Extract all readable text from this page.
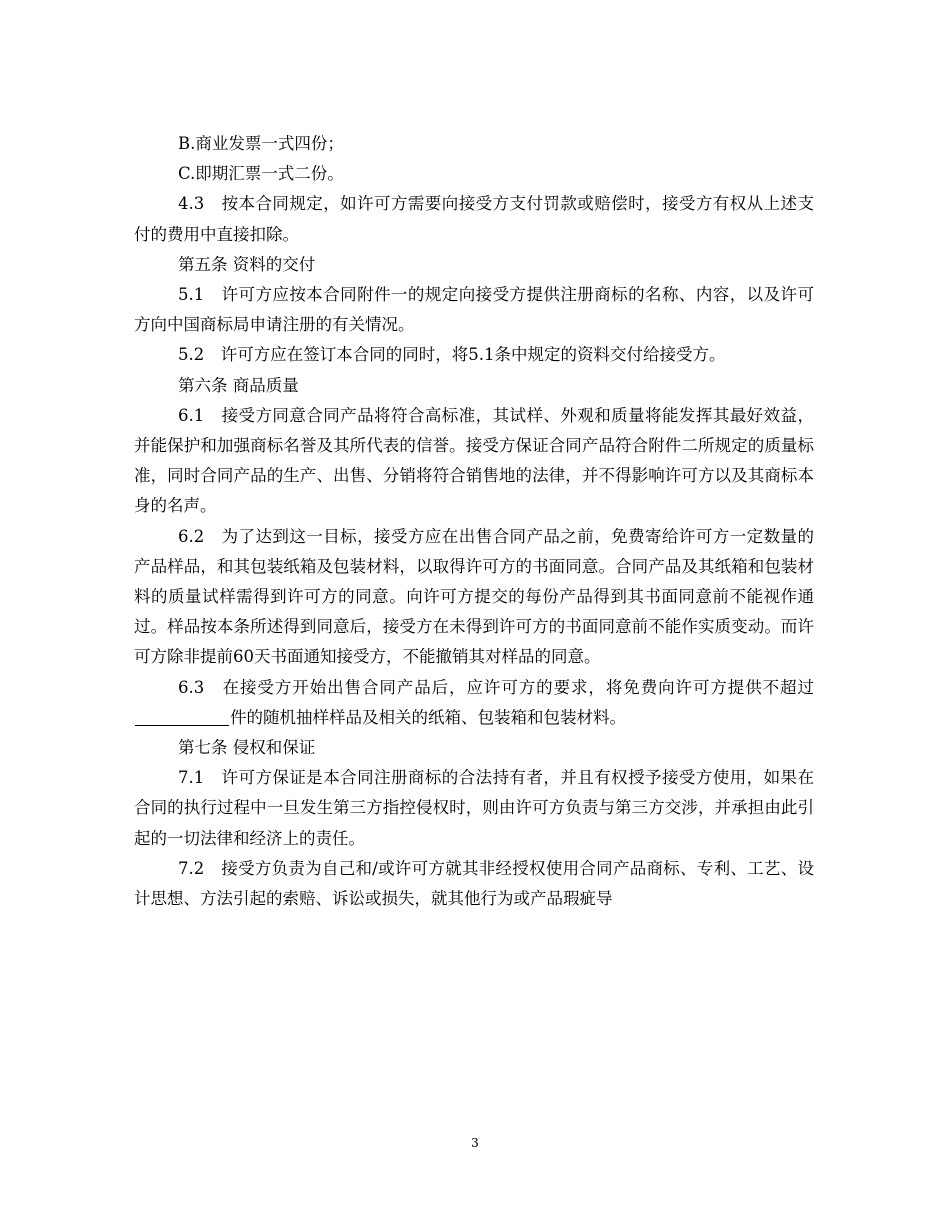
B.商业发票一式四份；

C.即期汇票一式二份。

4.3　按本合同规定，如许可方需要向接受方支付罚款或赔偿时，接受方有权从上述支付的费用中直接扣除。

第五条 资料的交付

5.1　许可方应按本合同附件一的规定向接受方提供注册商标的名称、内容，以及许可方向中国商标局申请注册的有关情况。

5.2　许可方应在签订本合同的同时，将5.1条中规定的资料交付给接受方。

第六条 商品质量

6.1　接受方同意合同产品将符合高标准，其试样、外观和质量将能发挥其最好效益，并能保护和加强商标名誉及其所代表的信誉。接受方保证合同产品符合附件二所规定的质量标准，同时合同产品的生产、出售、分销将符合销售地的法律，并不得影响许可方以及其商标本身的名声。

6.2　为了达到这一目标，接受方应在出售合同产品之前，免费寄给许可方一定数量的产品样品，和其包装纸箱及包装材料，以取得许可方的书面同意。合同产品及其纸箱和包装材料的质量试样需得到许可方的同意。向许可方提交的每份产品得到其书面同意前不能视作通过。样品按本条所述得到同意后，接受方在未得到许可方的书面同意前不能作实质变动。而许可方除非提前60天书面通知接受方，不能撤销其对样品的同意。

6.3　在接受方开始出售合同产品后，应许可方的要求，将免费向许可方提供不超过件的随机抽样样品及相关的纸箱、包装箱和包装材料。

第七条 侵权和保证

7.1　许可方保证是本合同注册商标的合法持有者，并且有权授予接受方使用，如果在合同的执行过程中一旦发生第三方指控侵权时，则由许可方负责与第三方交涉，并承担由此引起的一切法律和经济上的责任。

7.2　接受方负责为自己和/或许可方就其非经授权使用合同产品商标、专利、工艺、设计思想、方法引起的索赔、诉讼或损失，就其他行为或产品瑕疵导

3
